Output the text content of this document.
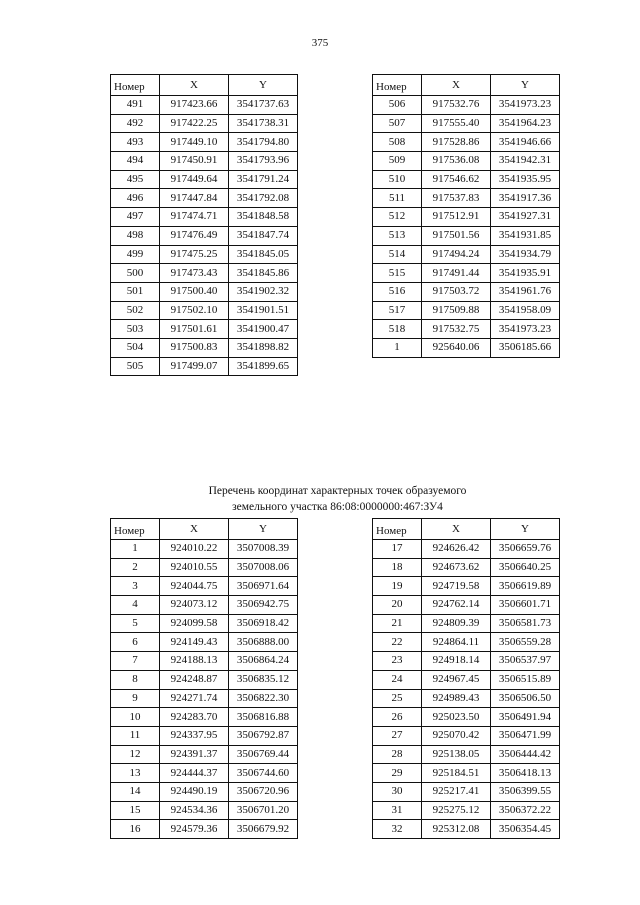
375
Номер	X	Y
491	917423.66	3541737.63
492	917422.25	3541738.31
493	917449.10	3541794.80
494	917450.91	3541793.96
495	917449.64	3541791.24
496	917447.84	3541792.08
497	917474.71	3541848.58
498	917476.49	3541847.74
499	917475.25	3541845.05
500	917473.43	3541845.86
501	917500.40	3541902.32
502	917502.10	3541901.51
503	917501.61	3541900.47
504	917500.83	3541898.82
505	917499.07	3541899.65
Номер	X	Y
506	917532.76	3541973.23
507	917555.40	3541964.23
508	917528.86	3541946.66
509	917536.08	3541942.31
510	917546.62	3541935.95
511	917537.83	3541917.36
512	917512.91	3541927.31
513	917501.56	3541931.85
514	917494.24	3541934.79
515	917491.44	3541935.91
516	917503.72	3541961.76
517	917509.88	3541958.09
518	917532.75	3541973.23
1	925640.06	3506185.66
Перечень координат характерных точек образуемого
земельного участка 86:08:0000000:467:ЗУ4
Номер	X	Y
1	924010.22	3507008.39
2	924010.55	3507008.06
3	924044.75	3506971.64
4	924073.12	3506942.75
5	924099.58	3506918.42
6	924149.43	3506888.00
7	924188.13	3506864.24
8	924248.87	3506835.12
9	924271.74	3506822.30
10	924283.70	3506816.88
11	924337.95	3506792.87
12	924391.37	3506769.44
13	924444.37	3506744.60
14	924490.19	3506720.96
15	924534.36	3506701.20
16	924579.36	3506679.92
Номер	X	Y
17	924626.42	3506659.76
18	924673.62	3506640.25
19	924719.58	3506619.89
20	924762.14	3506601.71
21	924809.39	3506581.73
22	924864.11	3506559.28
23	924918.14	3506537.97
24	924967.45	3506515.89
25	924989.43	3506506.50
26	925023.50	3506491.94
27	925070.42	3506471.99
28	925138.05	3506444.42
29	925184.51	3506418.13
30	925217.41	3506399.55
31	925275.12	3506372.22
32	925312.08	3506354.45
